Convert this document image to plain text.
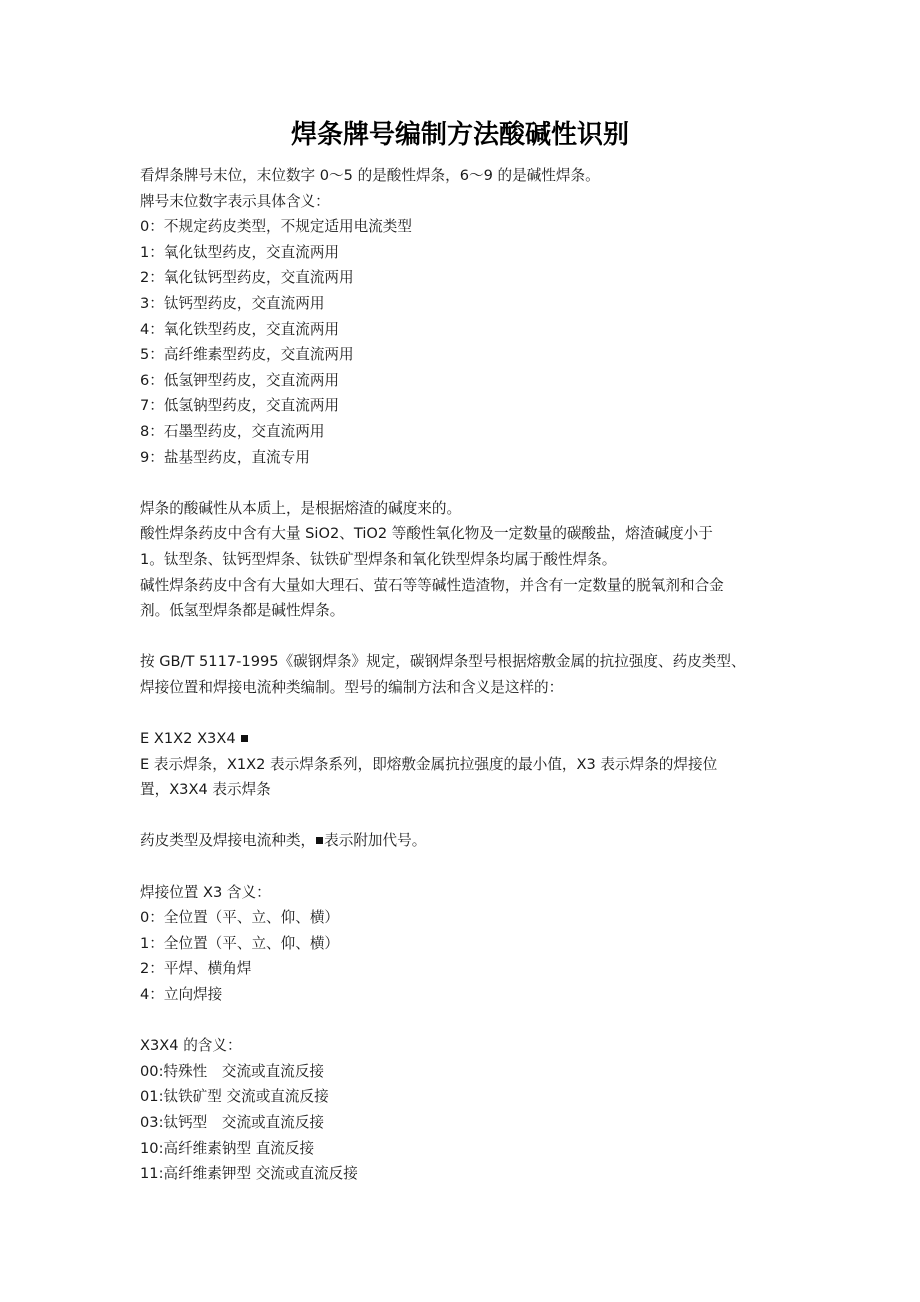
焊条牌号编制方法酸碱性识别
看焊条牌号末位，末位数字 0～5 的是酸性焊条，6～9 的是碱性焊条。
牌号末位数字表示具体含义：
0：不规定药皮类型，不规定适用电流类型
1：氧化钛型药皮，交直流两用
2：氧化钛钙型药皮，交直流两用
3：钛钙型药皮，交直流两用
4：氧化铁型药皮，交直流两用
5：高纤维素型药皮，交直流两用
6：低氢钾型药皮，交直流两用
7：低氢钠型药皮，交直流两用
8：石墨型药皮，交直流两用
9：盐基型药皮，直流专用
焊条的酸碱性从本质上，是根据熔渣的碱度来的。
酸性焊条药皮中含有大量 SiO2、TiO2 等酸性氧化物及一定数量的碳酸盐，熔渣碱度小于
1。钛型条、钛钙型焊条、钛铁矿型焊条和氧化铁型焊条均属于酸性焊条。
碱性焊条药皮中含有大量如大理石、萤石等等碱性造渣物，并含有一定数量的脱氧剂和合金
剂。低氢型焊条都是碱性焊条。
按 GB/T 5117-1995《碳钢焊条》规定，碳钢焊条型号根据熔敷金属的抗拉强度、药皮类型、
焊接位置和焊接电流种类编制。型号的编制方法和含义是这样的：
E X1X2 X3X4
E 表示焊条，X1X2 表示焊条系列，即熔敷金属抗拉强度的最小值，X3 表示焊条的焊接位
置，X3X4 表示焊条
药皮类型及焊接电流种类， 表示附加代号。
焊接位置 X3 含义：
0：全位置（平、立、仰、横）
1：全位置（平、立、仰、横）
2：平焊、横角焊
4：立向焊接
X3X4 的含义：
00:特殊性　交流或直流反接
01:钛铁矿型 交流或直流反接
03:钛钙型　交流或直流反接
10:高纤维素钠型 直流反接
11:高纤维素钾型 交流或直流反接
